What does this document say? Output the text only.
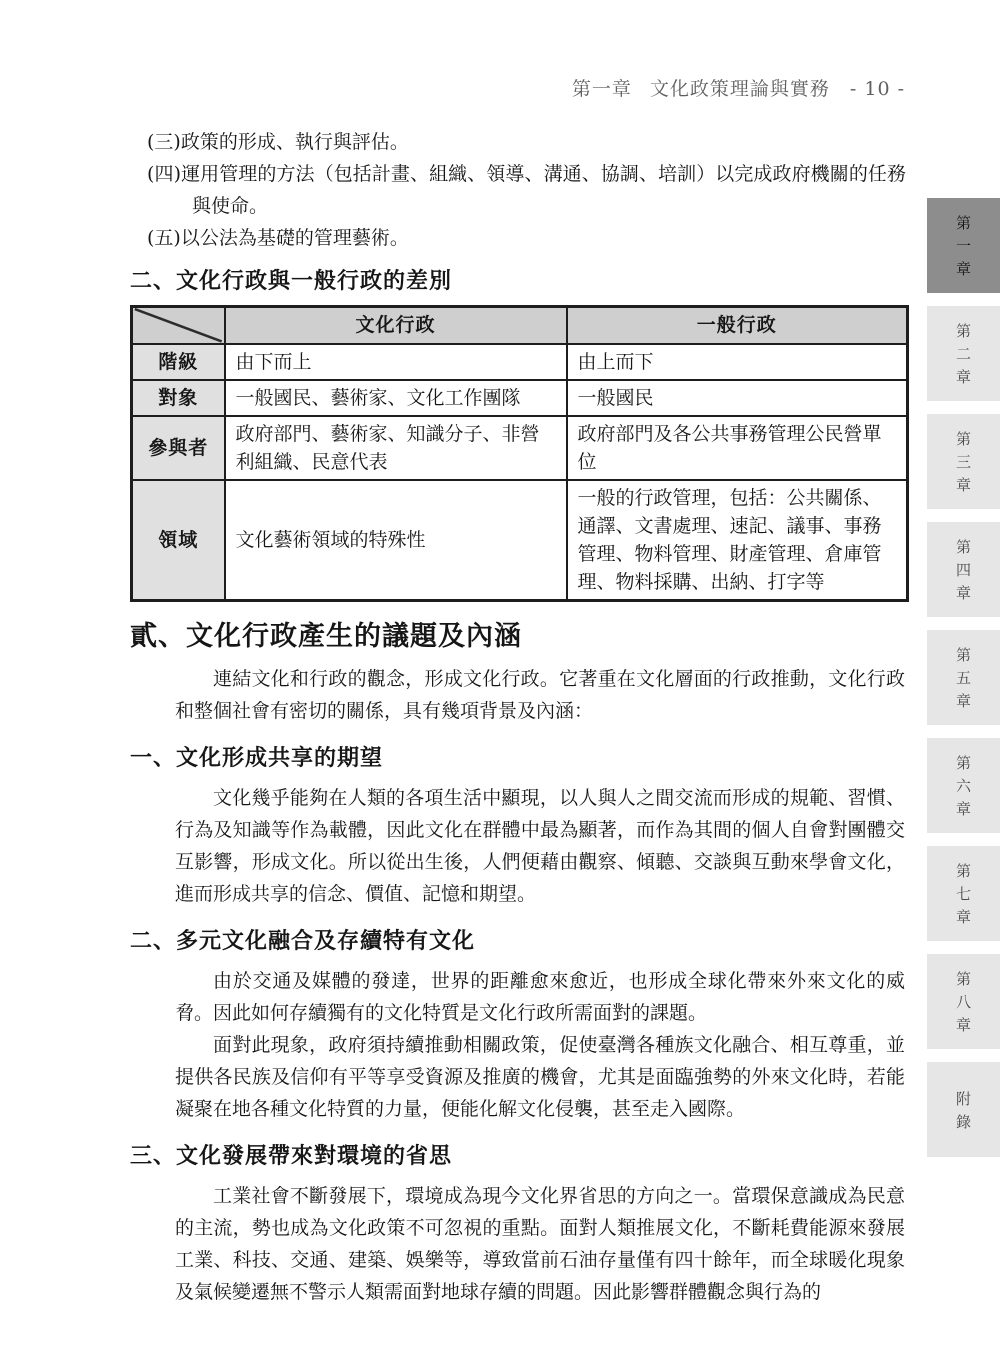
第一章 文化政策理論與實務 - 10 -
(三)政策的形成、執行與評估。
(四)運用管理的方法（包括計畫、組織、領導、溝通、協調、培訓）以完成政府機關的任務與使命。
(五)以公法為基礎的管理藝術。
二、文化行政與一般行政的差別
	文化行政	一般行政
階級	由下而上	由上而下
對象	一般國民、藝術家、文化工作團隊	一般國民
參與者	政府部門、藝術家、知識分子、非營利組織、民意代表	政府部門及各公共事務管理公民營單位
領域	文化藝術領域的特殊性	一般的行政管理，包括：公共關係、通譯、文書處理、速記、議事、事務管理、物料管理、財產管理、倉庫管理、物料採購、出納、打字等
貳、文化行政產生的議題及內涵

連結文化和行政的觀念，形成文化行政。它著重在文化層面的行政推動，文化行政和整個社會有密切的關係，具有幾項背景及內涵：

一、文化形成共享的期望

文化幾乎能夠在人類的各項生活中顯現，以人與人之間交流而形成的規範、習慣、行為及知識等作為載體，因此文化在群體中最為顯著，而作為其間的個人自會對團體交互影響，形成文化。所以從出生後，人們便藉由觀察、傾聽、交談與互動來學會文化，進而形成共享的信念、價值、記憶和期望。

二、多元文化融合及存續特有文化

由於交通及媒體的發達，世界的距離愈來愈近，也形成全球化帶來外來文化的威脅。因此如何存續獨有的文化特質是文化行政所需面對的課題。

面對此現象，政府須持續推動相關政策，促使臺灣各種族文化融合、相互尊重，並提供各民族及信仰有平等享受資源及推廣的機會，尤其是面臨強勢的外來文化時，若能凝聚在地各種文化特質的力量，便能化解文化侵襲，甚至走入國際。

三、文化發展帶來對環境的省思

工業社會不斷發展下，環境成為現今文化界省思的方向之一。當環保意識成為民意的主流，勢也成為文化政策不可忽視的重點。面對人類推展文化，不斷耗費能源來發展工業、科技、交通、建築、娛樂等，導致當前石油存量僅有四十餘年，而全球暖化現象及氣候變遷無不警示人類需面對地球存續的問題。因此影響群體觀念與行為的

第一章
第二章
第三章
第四章
第五章
第六章
第七章
第八章
附錄
